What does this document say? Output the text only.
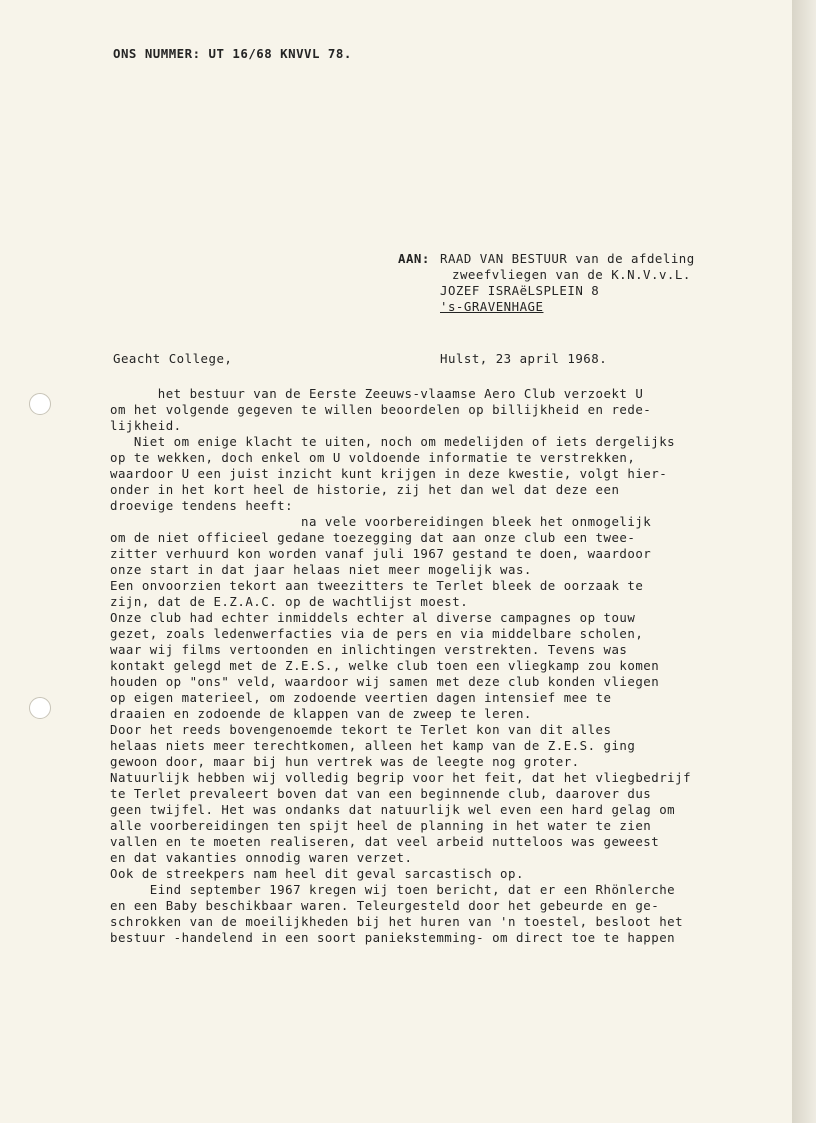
ONS NUMMER: UT 16/68 KNVVL 78.
AAN: RAAD VAN BESTUUR van de afdeling
zweefvliegen van de K.N.V.v.L.
JOZEF ISRAëLSPLEIN 8
's-GRAVENHAGE
Geacht College,	Hulst, 23 april 1968.
het bestuur van de Eerste Zeeuws-vlaamse Aero Club verzoekt U
om het volgende gegeven te willen beoordelen op billijkheid en rede-
lijkheid.
Niet om enige klacht te uiten, noch om medelijden of iets dergelijks
op te wekken, doch enkel om U voldoende informatie te verstrekken,
waardoor U een juist inzicht kunt krijgen in deze kwestie, volgt hier-
onder in het kort heel de historie, zij het dan wel dat deze een
droevige tendens heeft:
na vele voorbereidingen bleek het onmogelijk
om de niet officieel gedane toezegging dat aan onze club een twee-
zitter verhuurd kon worden vanaf juli 1967 gestand te doen, waardoor
onze start in dat jaar helaas niet meer mogelijk was.
Een onvoorzien tekort aan tweezitters te Terlet bleek de oorzaak te
zijn, dat de E.Z.A.C. op de wachtlijst moest.
Onze club had echter inmiddels echter al diverse campagnes op touw
gezet, zoals ledenwerfacties via de pers en via middelbare scholen,
waar wij films vertoonden en inlichtingen verstrekten. Tevens was
kontakt gelegd met de Z.E.S., welke club toen een vliegkamp zou komen
houden op "ons" veld, waardoor wij samen met deze club konden vliegen
op eigen materieel, om zodoende veertien dagen intensief mee te
draaien en zodoende de klappen van de zweep te leren.
Door het reeds bovengenoemde tekort te Terlet kon van dit alles
helaas niets meer terechtkomen, alleen het kamp van de Z.E.S. ging
gewoon door, maar bij hun vertrek was de leegte nog groter.
Natuurlijk hebben wij volledig begrip voor het feit, dat het vliegbedrijf
te Terlet prevaleert boven dat van een beginnende club, daarover dus
geen twijfel. Het was ondanks dat natuurlijk wel even een hard gelag om
alle voorbereidingen ten spijt heel de planning in het water te zien
vallen en te moeten realiseren, dat veel arbeid nutteloos was geweest
en dat vakanties onnodig waren verzet.
Ook de streekpers nam heel dit geval sarcastisch op.
Eind september 1967 kregen wij toen bericht, dat er een Rhönlerche
en een Baby beschikbaar waren. Teleurgesteld door het gebeurde en ge-
schrokken van de moeilijkheden bij het huren van 'n toestel, besloot het
bestuur -handelend in een soort paniekstemming- om direct toe te happen
